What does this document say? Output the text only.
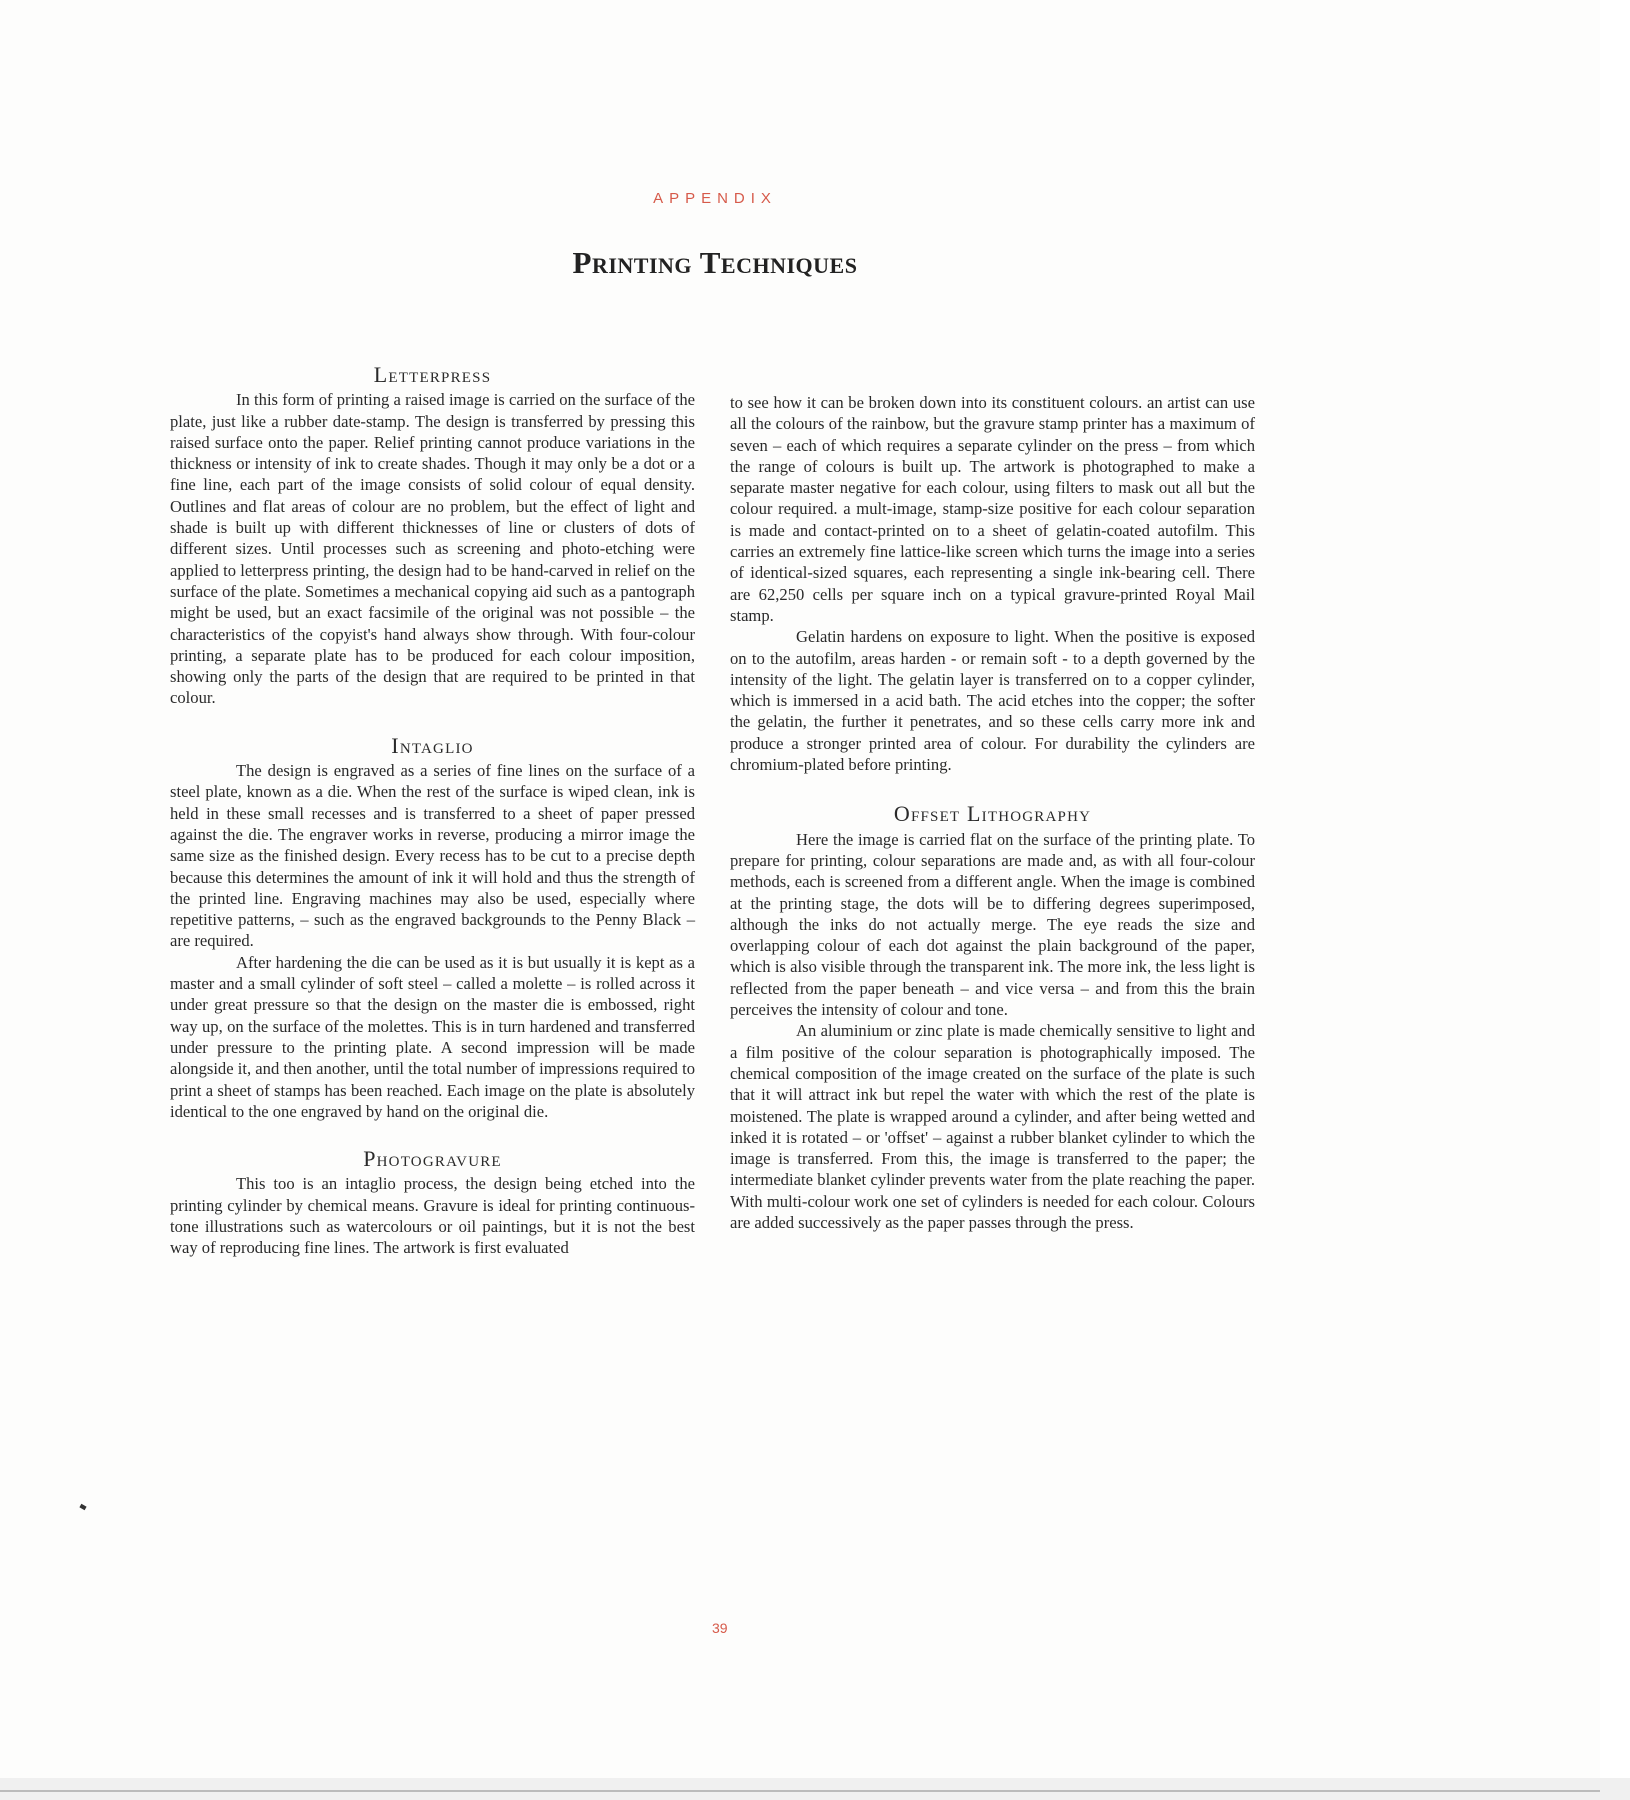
APPENDIX
Printing Techniques
Letterpress

In this form of printing a raised image is carried on the surface of the plate, just like a rubber date-stamp. The design is transferred by pressing this raised surface onto the paper. Relief printing cannot produce variations in the thickness or intensity of ink to create shades. Though it may only be a dot or a fine line, each part of the image consists of solid colour of equal density. Outlines and flat areas of colour are no problem, but the effect of light and shade is built up with different thicknesses of line or clusters of dots of different sizes. Until processes such as screening and photo-etching were applied to letterpress printing, the design had to be hand-carved in relief on the surface of the plate. Sometimes a mechanical copying aid such as a pantograph might be used, but an exact facsimile of the original was not possible – the characteristics of the copyist's hand always show through. With four-colour printing, a separate plate has to be produced for each colour imposition, showing only the parts of the design that are required to be printed in that colour.

Intaglio

The design is engraved as a series of fine lines on the surface of a steel plate, known as a die. When the rest of the surface is wiped clean, ink is held in these small recesses and is transferred to a sheet of paper pressed against the die. The engraver works in reverse, producing a mirror image the same size as the finished design. Every recess has to be cut to a precise depth because this determines the amount of ink it will hold and thus the strength of the printed line. Engraving machines may also be used, especially where repetitive patterns, – such as the engraved backgrounds to the Penny Black – are required.

After hardening the die can be used as it is but usually it is kept as a master and a small cylinder of soft steel – called a molette – is rolled across it under great pressure so that the design on the master die is embossed, right way up, on the surface of the molettes. This is in turn hardened and transferred under pressure to the printing plate. A second impression will be made alongside it, and then another, until the total number of impressions required to print a sheet of stamps has been reached. Each image on the plate is absolutely identical to the one engraved by hand on the original die.

Photogravure

This too is an intaglio process, the design being etched into the printing cylinder by chemical means. Gravure is ideal for printing continuous-tone illustrations such as watercolours or oil paintings, but it is not the best way of reproducing fine lines. The artwork is first evaluated

to see how it can be broken down into its constituent colours. an artist can use all the colours of the rainbow, but the gravure stamp printer has a maximum of seven – each of which requires a separate cylinder on the press – from which the range of colours is built up. The artwork is photographed to make a separate master negative for each colour, using filters to mask out all but the colour required. a mult-image, stamp-size positive for each colour separation is made and contact-printed on to a sheet of gelatin-coated autofilm. This carries an extremely fine lattice-like screen which turns the image into a series of identical-sized squares, each representing a single ink-bearing cell. There are 62,250 cells per square inch on a typical gravure-printed Royal Mail stamp.

Gelatin hardens on exposure to light. When the positive is exposed on to the autofilm, areas harden - or remain soft - to a depth governed by the intensity of the light. The gelatin layer is transferred on to a copper cylinder, which is immersed in a acid bath. The acid etches into the copper; the softer the gelatin, the further it penetrates, and so these cells carry more ink and produce a stronger printed area of colour. For durability the cylinders are chromium-plated before printing.

Offset Lithography

Here the image is carried flat on the surface of the printing plate. To prepare for printing, colour separations are made and, as with all four-colour methods, each is screened from a different angle. When the image is combined at the printing stage, the dots will be to differing degrees superimposed, although the inks do not actually merge. The eye reads the size and overlapping colour of each dot against the plain background of the paper, which is also visible through the transparent ink. The more ink, the less light is reflected from the paper beneath – and vice versa – and from this the brain perceives the intensity of colour and tone.

An aluminium or zinc plate is made chemically sensitive to light and a film positive of the colour separation is photographically imposed. The chemical composition of the image created on the surface of the plate is such that it will attract ink but repel the water with which the rest of the plate is moistened. The plate is wrapped around a cylinder, and after being wetted and inked it is rotated – or 'offset' – against a rubber blanket cylinder to which the image is transferred. From this, the image is transferred to the paper; the intermediate blanket cylinder prevents water from the plate reaching the paper. With multi-colour work one set of cylinders is needed for each colour. Colours are added successively as the paper passes through the press.

39
